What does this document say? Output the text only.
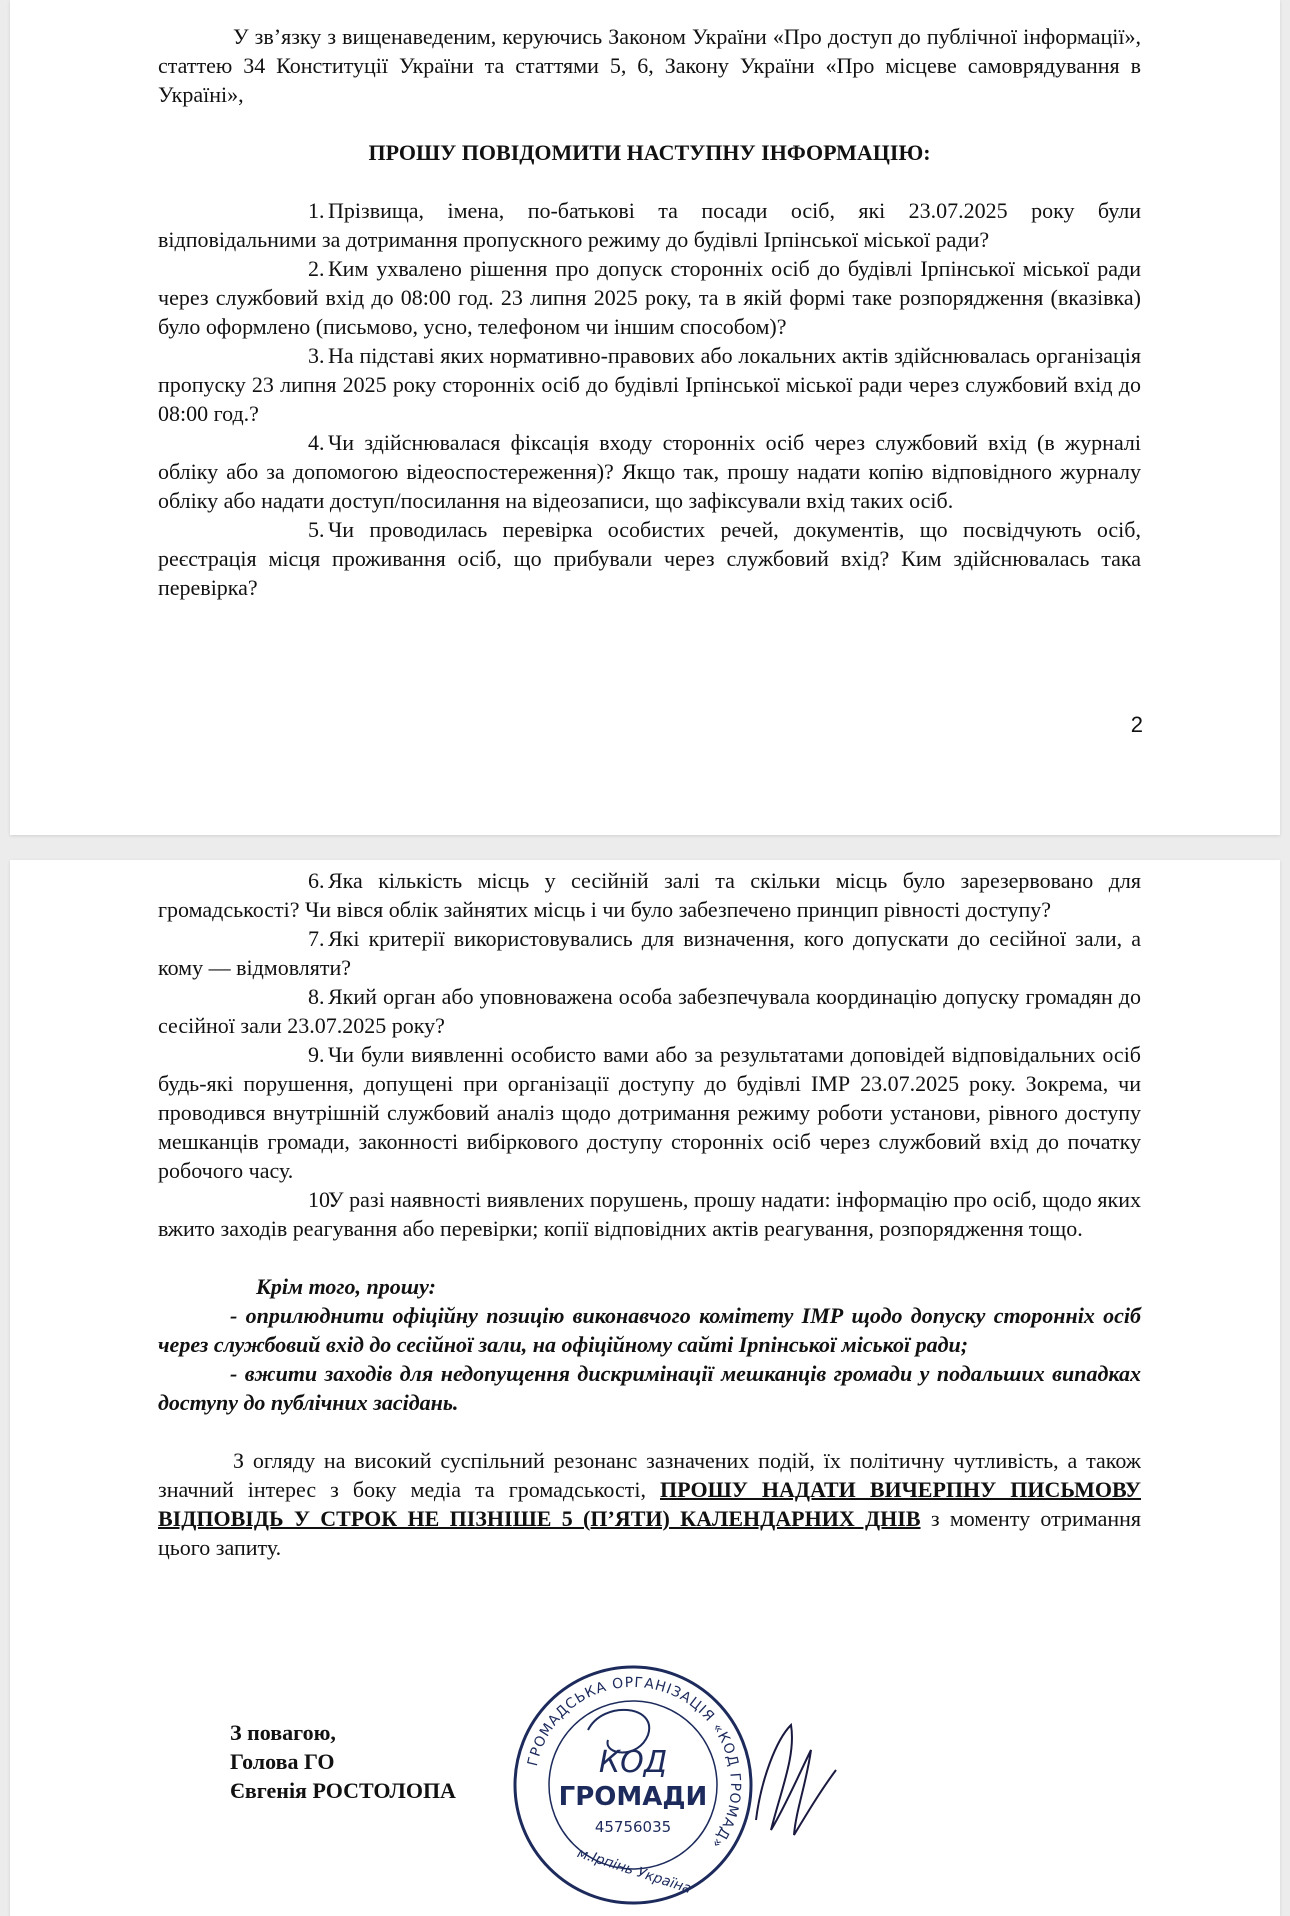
У зв’язку з вищенаведеним, керуючись Законом України «Про доступ до публічної інформації», статтею 34 Конституції України та статтями 5, 6, Закону України «Про місцеве самоврядування в Україні»,

ПРОШУ ПОВІДОМИТИ НАСТУПНУ ІНФОРМАЦІЮ:

1. Прізвища, імена, по-батькові та посади осіб, які 23.07.2025 року були відповідальними за дотримання пропускного режиму до будівлі Ірпінської міської ради?

2. Ким ухвалено рішення про допуск сторонніх осіб до будівлі Ірпінської міської ради через службовий вхід до 08:00 год. 23 липня 2025 року, та в якій формі таке розпорядження (вказівка) було оформлено (письмово, усно, телефоном чи іншим способом)?

3. На підставі яких нормативно-правових або локальних актів здійснювалась організація пропуску 23 липня 2025 року сторонніх осіб до будівлі Ірпінської міської ради через службовий вхід до 08:00 год.?

4. Чи здійснювалася фіксація входу сторонніх осіб через службовий вхід (в журналі обліку або за допомогою відеоспостереження)? Якщо так, прошу надати копію відповідного журналу обліку або надати доступ/посилання на відеозаписи, що зафіксували вхід таких осіб.

5. Чи проводилась перевірка особистих речей, документів, що посвідчують осіб, реєстрація місця проживання осіб, що прибували через службовий вхід? Ким здійснювалась така перевірка?

2

6. Яка кількість місць у сесійній залі та скільки місць було зарезервовано для громадськості? Чи вівся облік зайнятих місць і чи було забезпечено принцип рівності доступу?

7. Які критерії використовувались для визначення, кого допускати до сесійної зали, а кому — відмовляти?

8. Який орган або уповноважена особа забезпечувала координацію допуску громадян до сесійної зали 23.07.2025 року?

9. Чи були виявленні особисто вами або за результатами доповідей відповідальних осіб будь-які порушення, допущені при організації доступу до будівлі ІМР 23.07.2025 року. Зокрема, чи проводився внутрішній службовий аналіз щодо дотримання режиму роботи установи, рівного доступу мешканців громади, законності вибіркового доступу сторонніх осіб через службовий вхід до початку робочого часу.

10.У разі наявності виявлених порушень, прошу надати: інформацію про осіб, щодо яких вжито заходів реагування або перевірки; копії відповідних актів реагування, розпорядження тощо.

Крім того, прошу:

- оприлюднити офіційну позицію виконавчого комітету ІМР щодо допуску сторонніх осіб через службовий вхід до сесійної зали, на офіційному сайті Ірпінської міської ради;

- вжити заходів для недопущення дискримінації мешканців громади у подальших випадках доступу до публічних засідань.

З огляду на високий суспільний резонанс зазначених подій, їх політичну чутливість, а також значний інтерес з боку медіа та громадськості, ПРОШУ НАДАТИ ВИЧЕРПНУ ПИСЬМОВУ ВІДПОВІДЬ У СТРОК НЕ ПІЗНІШЕ 5 (П’ЯТИ) КАЛЕНДАРНИХ ДНІВ з моменту отримання цього запиту.

З повагою,
Голова ГО
Євгенія РОСТОЛОПА
ГРОМАДСЬКА ОРГАНІЗАЦІЯ «КОД ГРОМАД»
КОД
ГРОМАДИ
45756035
м.Ірпінь Україна
